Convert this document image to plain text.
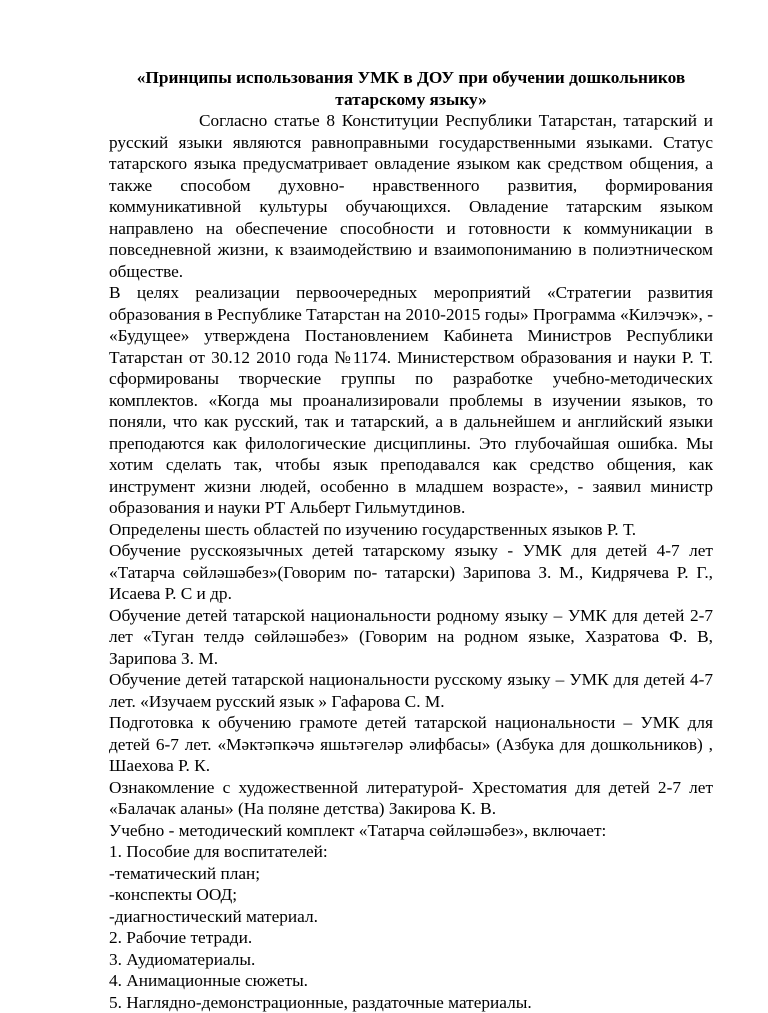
«Принципы использования УМК в ДОУ при обучении дошкольников татарскому языку»

Согласно статье 8 Конституции Республики Татарстан, татарский и русский языки являются равноправными государственными языками. Статус татарского языка предусматривает овладение языком как средством общения, а также способом духовно- нравственного развития, формирования коммуникативной культуры обучающихся. Овладение татарским языком направлено на обеспечение способности и готовности к коммуникации в повседневной жизни, к взаимодействию и взаимопониманию в полиэтническом обществе.

В целях реализации первоочередных мероприятий «Стратегии развития образования в Республике Татарстан на 2010-2015 годы» Программа «Килэчэк», - «Будущее» утверждена Постановлением Кабинета Министров Республики Татарстан от 30.12 2010 года №1174. Министерством образования и науки Р. Т. сформированы творческие группы по разработке учебно-методических комплектов. «Когда мы проанализировали проблемы в изучении языков, то поняли, что как русский, так и татарский, а в дальнейшем и английский языки преподаются как филологические дисциплины. Это глубочайшая ошибка. Мы хотим сделать так, чтобы язык преподавался как средство общения, как инструмент жизни людей, особенно в младшем возрасте», - заявил министр образования и науки РТ Альберт Гильмутдинов.

Определены шесть областей по изучению государственных языков Р. Т.

Обучение русскоязычных детей татарскому языку - УМК для детей 4-7 лет «Татарча сөйләшәбез»(Говорим по- татарски) Зарипова З. М., Кидрячева Р. Г., Исаева Р. С и др.

Обучение детей татарской национальности родному языку – УМК для детей 2-7 лет «Туган телдә сөйләшәбез» (Говорим на родном языке, Хазратова Ф. В, Зарипова З. М.

Обучение детей татарской национальности русскому языку – УМК для детей 4-7 лет. «Изучаем русский язык » Гафарова С. М.

Подготовка к обучению грамоте детей татарской национальности – УМК для детей 6-7 лет. «Мәктәпкәчә яшьтәгеләр әлифбасы» (Азбука для дошкольников) , Шаехова Р. К.

Ознакомление с художественной литературой- Хрестоматия для детей 2-7 лет «Балачак аланы» (На поляне детства) Закирова К. В.

Учебно - методический комплект «Татарча сөйләшәбез», включает:

1. Пособие для воспитателей:

-тематический план;

-конспекты ООД;

-диагностический материал.

2. Рабочие тетради.

3. Аудиоматериалы.

4. Анимационные сюжеты.

5. Наглядно-демонстрационные, раздаточные материалы.
